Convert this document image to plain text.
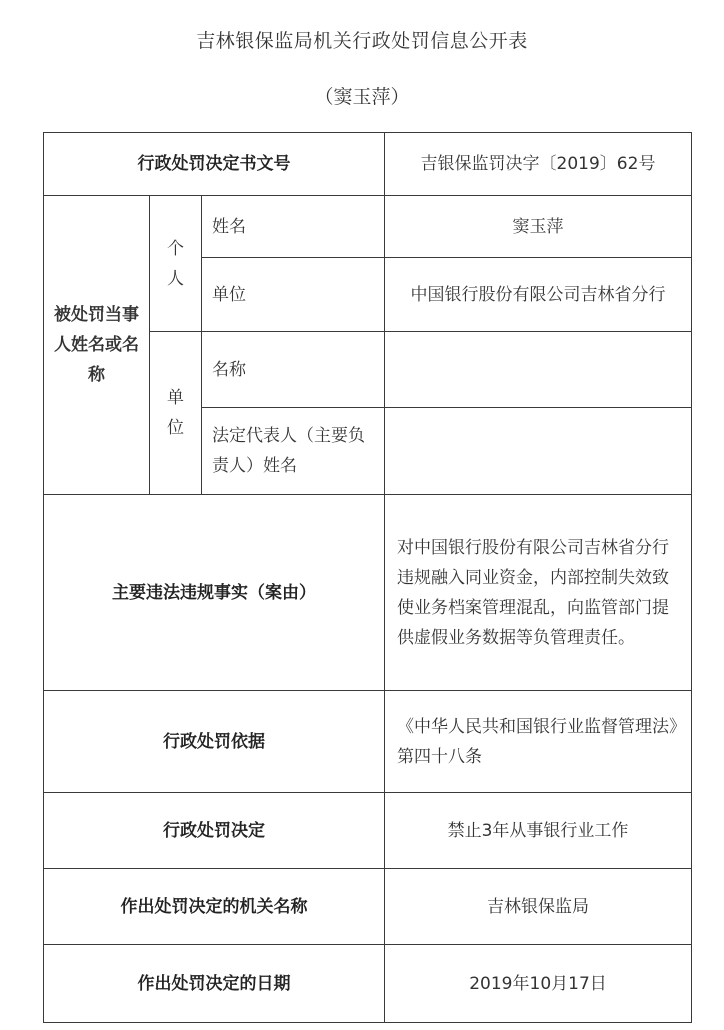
吉林银保监局机关行政处罚信息公开表
（窦玉萍）
行政处罚决定书文号			吉银保监罚决字〔2019〕62号
被处罚当事人姓名或名称	个人	姓名	窦玉萍
		单位	中国银行股份有限公司吉林省分行
	单位	名称	
		法定代表人（主要负责人）姓名	
主要违法违规事实（案由）			对中国银行股份有限公司吉林省分行违规融入同业资金，内部控制失效致使业务档案管理混乱，向监管部门提供虚假业务数据等负管理责任。
行政处罚依据			《中华人民共和国银行业监督管理法》第四十八条
行政处罚决定			禁止3年从事银行业工作
作出处罚决定的机关名称			吉林银保监局
作出处罚决定的日期			2019年10月17日
